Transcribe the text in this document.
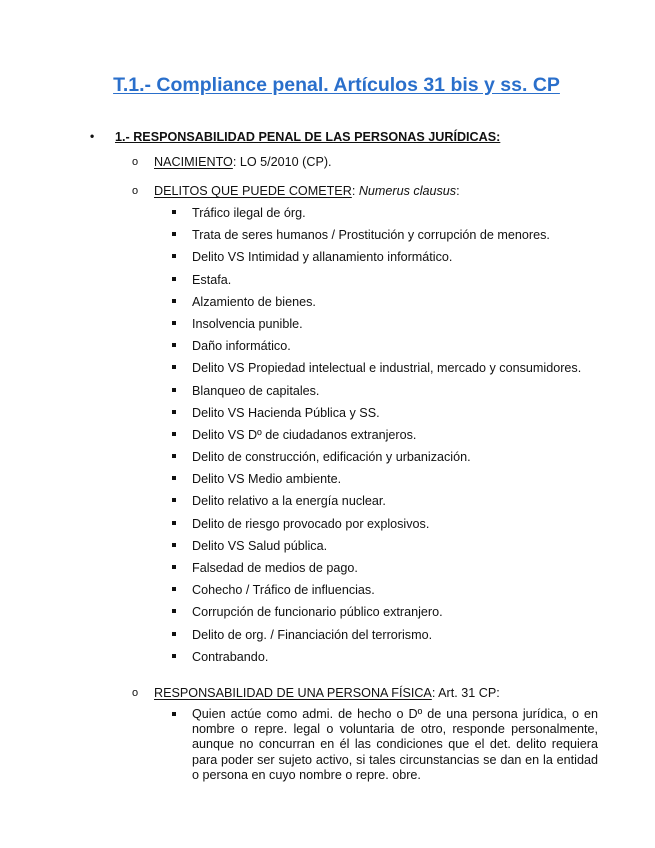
T.1.- Compliance penal. Artículos 31 bis y ss. CP
• 1.- RESPONSABILIDAD PENAL DE LAS PERSONAS JURÍDICAS:
o NACIMIENTO: LO 5/2010 (CP).
o DELITOS QUE PUEDE COMETER: Numerus clausus:
Tráfico ilegal de órg.
Trata de seres humanos / Prostitución y corrupción de menores.
Delito VS Intimidad y allanamiento informático.
Estafa.
Alzamiento de bienes.
Insolvencia punible.
Daño informático.
Delito VS Propiedad intelectual e industrial, mercado y consumidores.
Blanqueo de capitales.
Delito VS Hacienda Pública y SS.
Delito VS Dº de ciudadanos extranjeros.
Delito de construcción, edificación y urbanización.
Delito VS Medio ambiente.
Delito relativo a la energía nuclear.
Delito de riesgo provocado por explosivos.
Delito VS Salud pública.
Falsedad de medios de pago.
Cohecho / Tráfico de influencias.
Corrupción de funcionario público extranjero.
Delito de org. / Financiación del terrorismo.
Contrabando.
o RESPONSABILIDAD DE UNA PERSONA FÍSICA: Art. 31 CP:
Quien actúe como admi. de hecho o Dº de una persona jurídica, o en nombre o repre. legal o voluntaria de otro, responde personalmente, aunque no concurran en él las condiciones que el det. delito requiera para poder ser sujeto activo, si tales circunstancias se dan en la entidad o persona en cuyo nombre o repre. obre.
